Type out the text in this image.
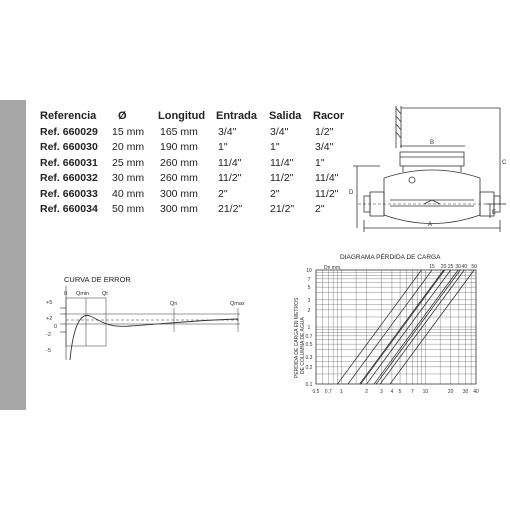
Referencia Ø	Longitud Entrada Salida Racor
Ref. 660029 15 mm 165 mm 3/4"	3/4"	1/2"
Ref. 660030 20 mm 190 mm 1"	1"	3/4"
Ref. 660031 25 mm 260 mm 11/4"	11/4" 1"
Ref. 660032 30 mm 260 mm 11/2"	11/2" 11/4"
Ref. 660033 40 mm 300 mm 2"	2"	11/2"
Ref. 660034 50 mm 300 mm 21/2"	21/2" 2"
B
C
D
E
A
CURVA DE ERROR
+5
+2
0
-2
-5
0 Qmin Qt
Qn	Qmax
DIAGRAMA PÉRDIDA DE CARGA
Dn mm.
PERDIDA DE CARGA EN METROS DE COLUMNA DE AGUA
0.5 0.7 1	2 3 4 5 7 10	20 30 40
10
7
5
3
2
1
0.7
0.5
0.3
0.2
0.1
15 20 25 30 40 50
